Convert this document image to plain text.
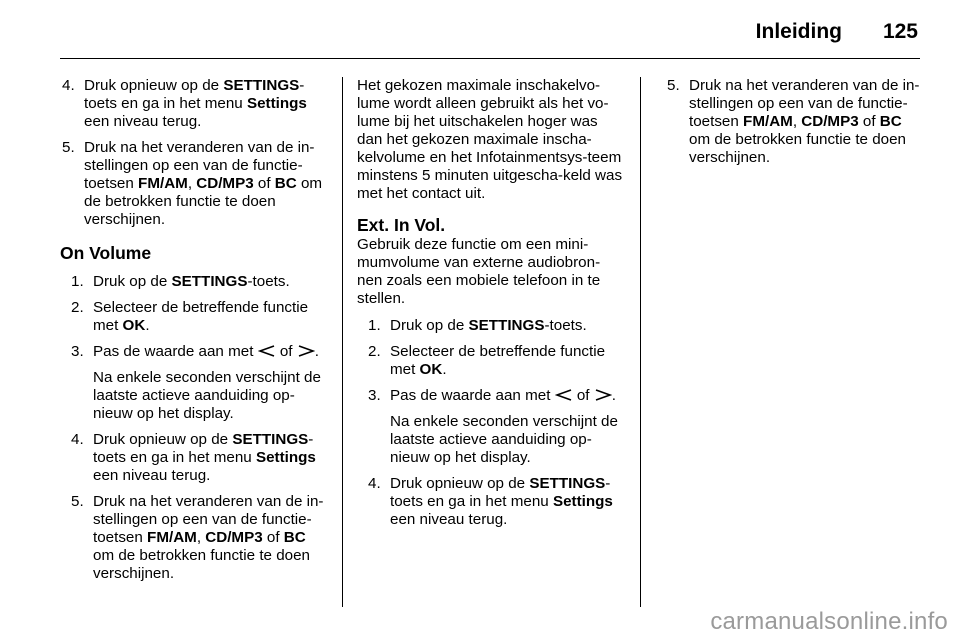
Inleiding 125
4. Druk opnieuw op de SETTINGS-toets en ga in het menu Settings een niveau terug.
5. Druk na het veranderen van de in-stellingen op een van de functie-toetsen FM/AM, CD/MP3 of BC om de betrokken functie te doen verschijnen.
On Volume
1. Druk op de SETTINGS-toets.
2. Selecteer de betreffende functie met OK.
3. Pas de waarde aan met  of .
Na enkele seconden verschijnt de laatste actieve aanduiding op-nieuw op het display.
4. Druk opnieuw op de SETTINGS-toets en ga in het menu Settings een niveau terug.
5. Druk na het veranderen van de in-stellingen op een van de functie-toetsen FM/AM, CD/MP3 of BC om de betrokken functie te doen verschijnen.

Het gekozen maximale inschakelvo-lume wordt alleen gebruikt als het vo-lume bij het uitschakelen hoger was dan het gekozen maximale inscha-kelvolume en het Infotainmentsys-teem minstens 5 minuten uitgescha-keld was met het contact uit.

Ext. In Vol.

Gebruik deze functie om een mini-mumvolume van externe audiobron-nen zoals een mobiele telefoon in te stellen.

1. Druk op de SETTINGS-toets.
2. Selecteer de betreffende functie met OK.
3. Pas de waarde aan met  of .
Na enkele seconden verschijnt de laatste actieve aanduiding op-nieuw op het display.
4. Druk opnieuw op de SETTINGS-toets en ga in het menu Settings een niveau terug.
5. Druk na het veranderen van de in-stellingen op een van de functie-toetsen FM/AM, CD/MP3 of BC om de betrokken functie te doen verschijnen.
carmanualsonline.info
